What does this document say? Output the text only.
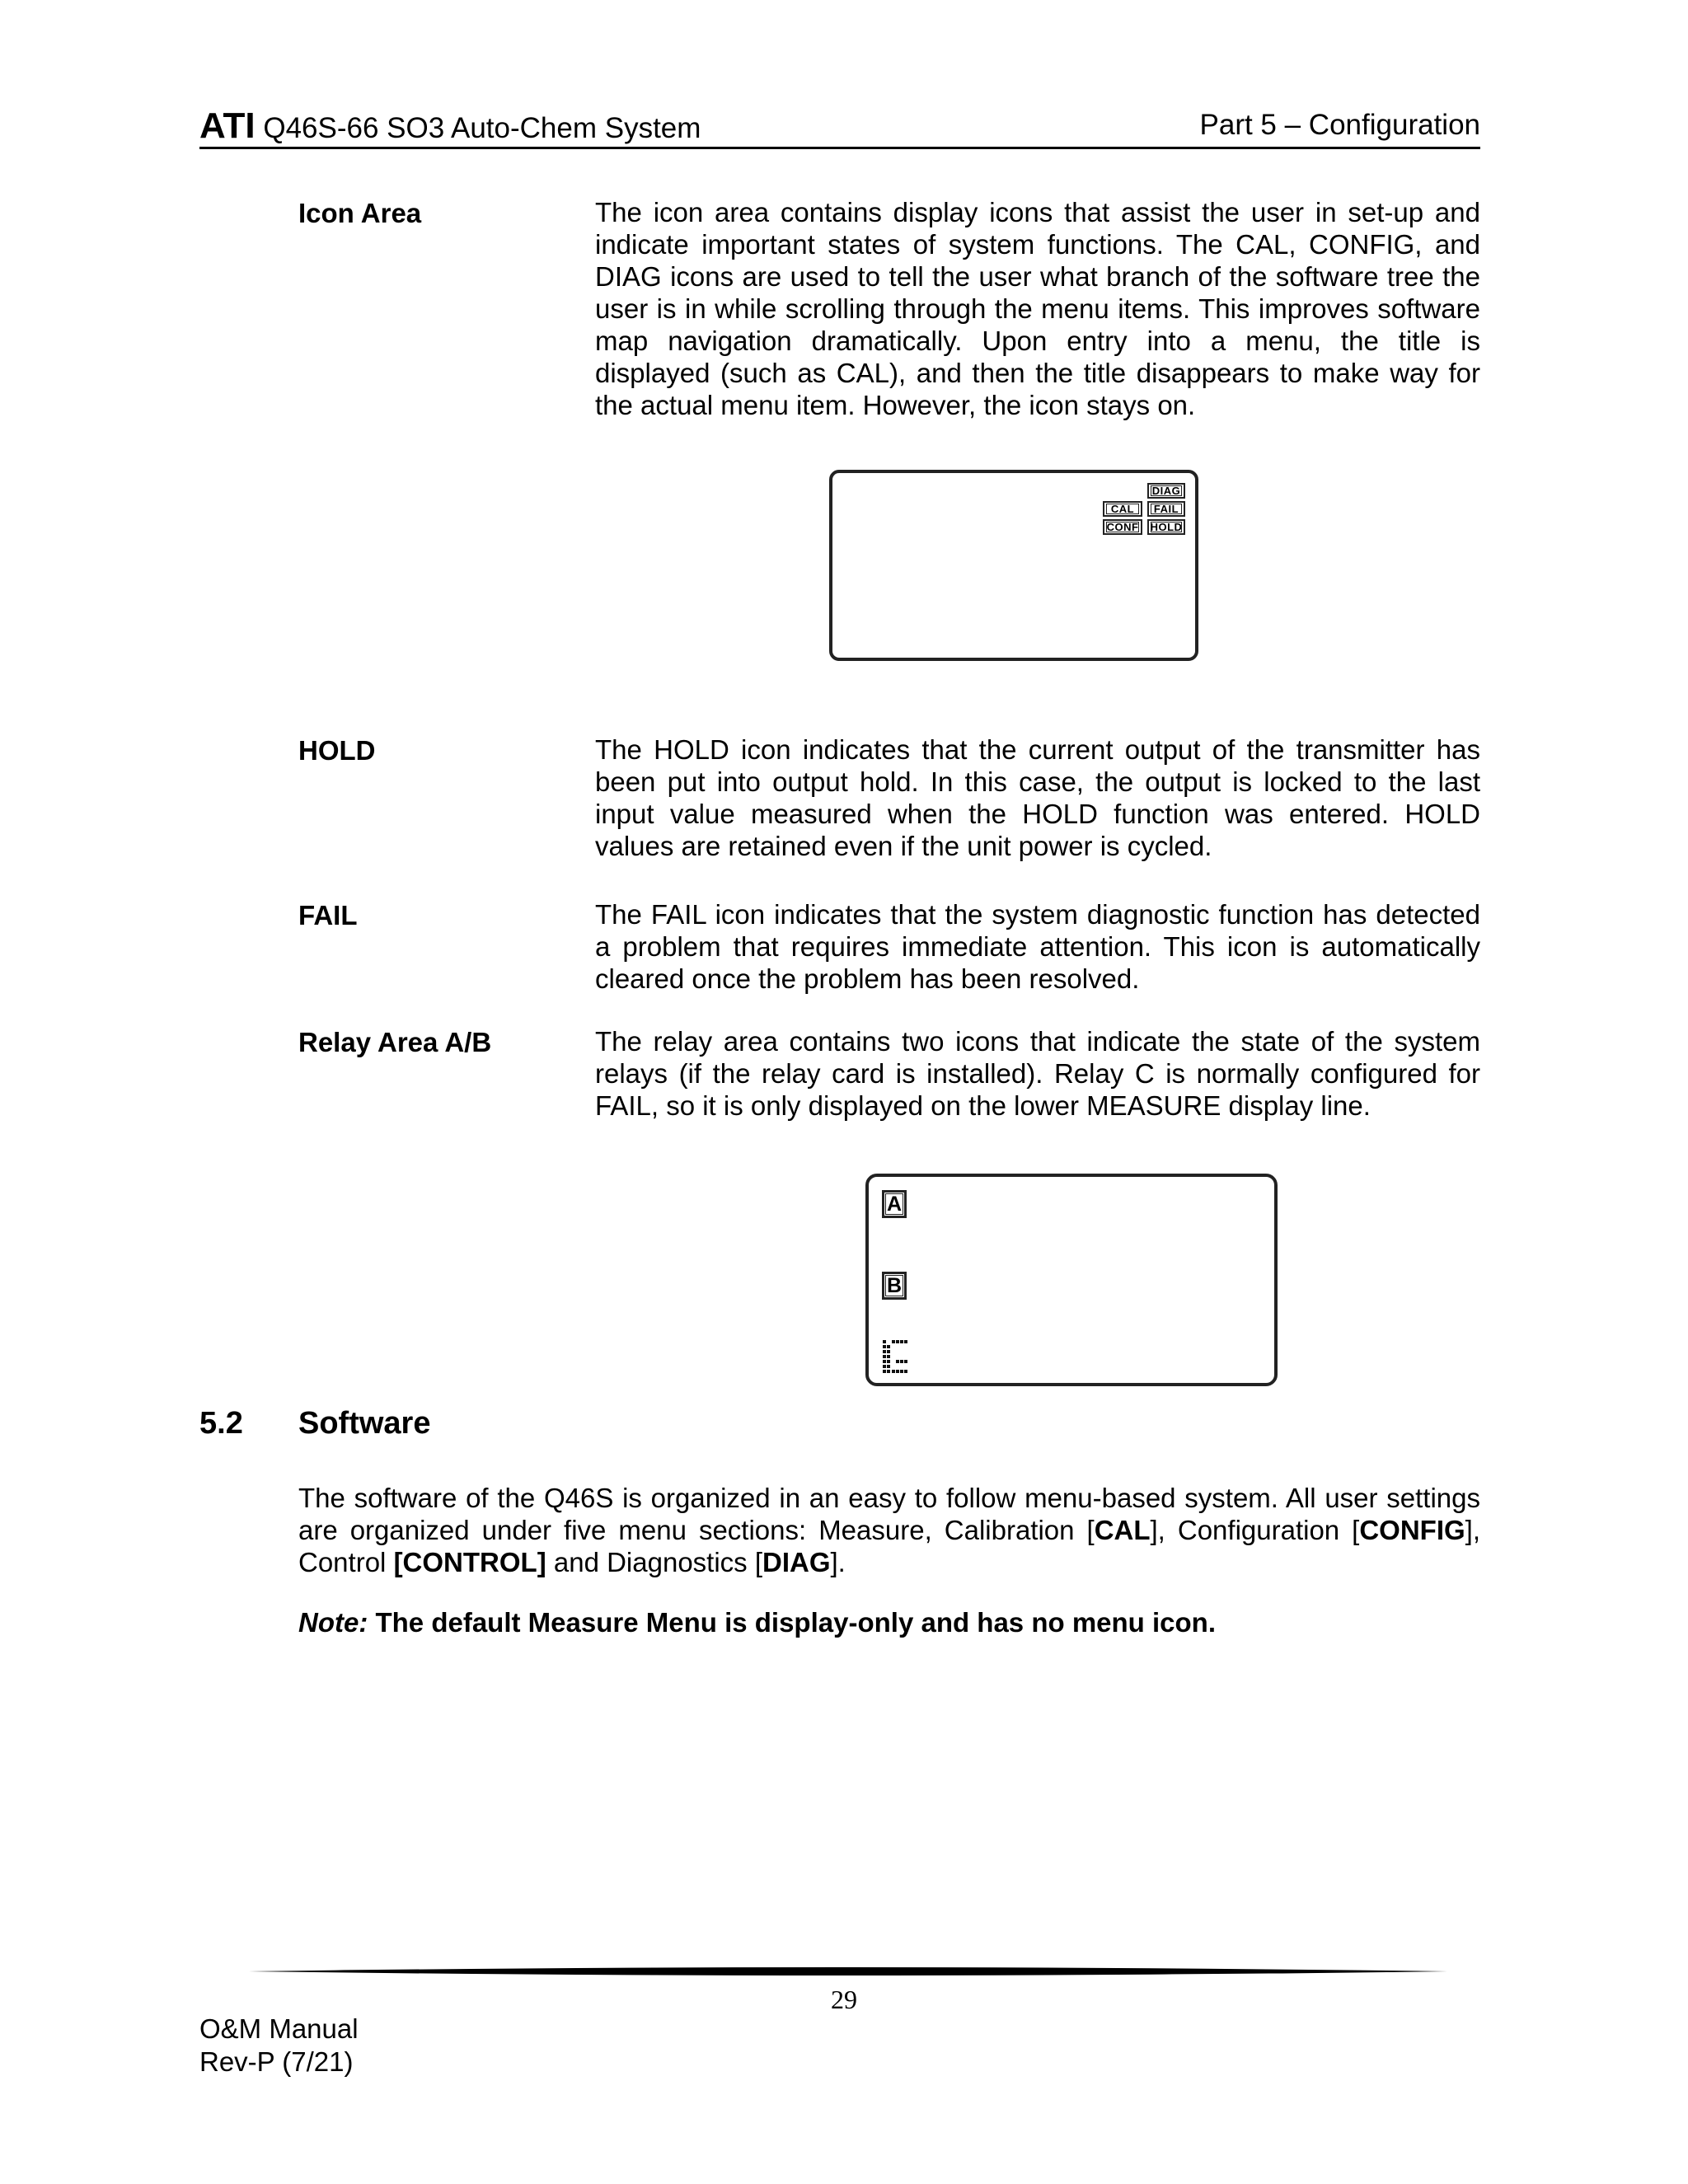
ATI Q46S-66 SO3 Auto-Chem System	Part 5 – Configuration
Icon Area	The icon area contains display icons that assist the user in set-up and indicate important states of system functions. The CAL, CONFIG, and DIAG icons are used to tell the user what branch of the software tree the user is in while scrolling through the menu items. This improves software map navigation dramatically. Upon entry into a menu, the title is displayed (such as CAL), and then the title disappears to make way for the actual menu item. However, the icon stays on.
DIAG
CAL	FAIL
CONF	HOLD
HOLD	The HOLD icon indicates that the current output of the transmitter has been put into output hold. In this case, the output is locked to the last input value measured when the HOLD function was entered. HOLD values are retained even if the unit power is cycled.
FAIL	The FAIL icon indicates that the system diagnostic function has detected a problem that requires immediate attention. This icon is automatically cleared once the problem has been resolved.
Relay Area A/B	The relay area contains two icons that indicate the state of the system relays (if the relay card is installed). Relay C is normally configured for FAIL, so it is only displayed on the lower MEASURE display line.
A
B
5.2 Software
The software of the Q46S is organized in an easy to follow menu-based system. All user settings are organized under five menu sections: Measure, Calibration [CAL], Configuration [CONFIG], Control [CONTROL] and Diagnostics [DIAG].
Note: The default Measure Menu is display-only and has no menu icon.
29
O&M Manual
Rev-P (7/21)
